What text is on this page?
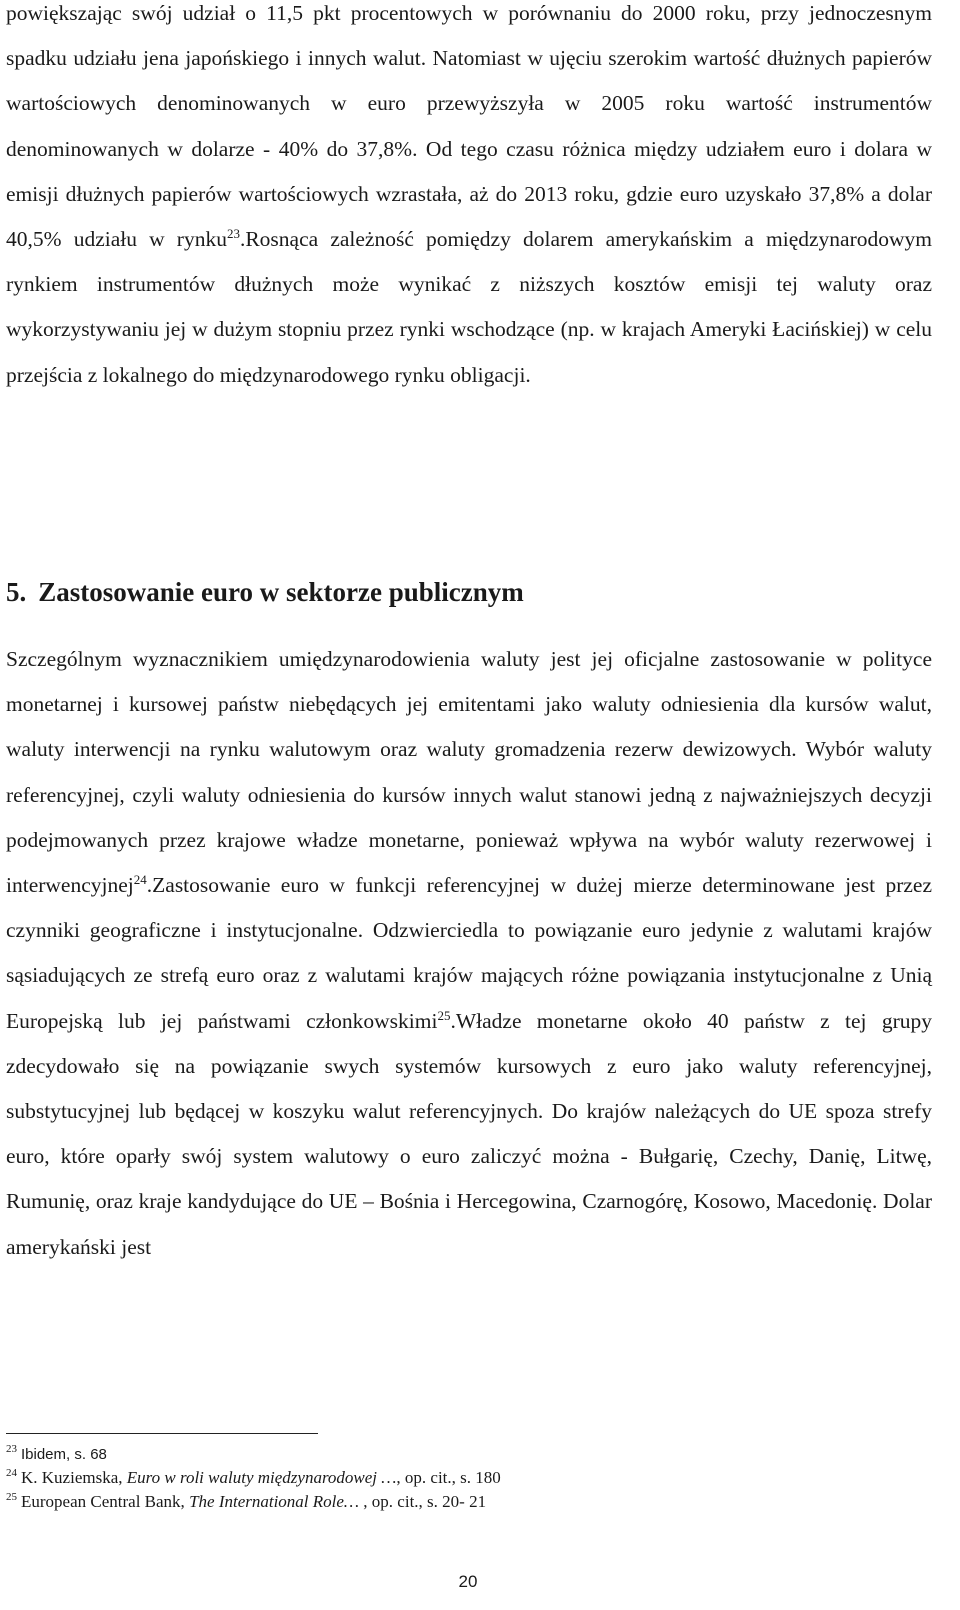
powiększając swój udział o 11,5 pkt procentowych w porównaniu do 2000 roku, przy jednoczesnym spadku udziału jena japońskiego i innych walut. Natomiast w ujęciu szerokim wartość dłużnych papierów wartościowych denominowanych w euro przewyższyła w 2005 roku wartość instrumentów denominowanych w dolarze - 40% do 37,8%. Od tego czasu różnica między udziałem euro i dolara w emisji dłużnych papierów wartościowych wzrastała, aż do 2013 roku, gdzie euro uzyskało 37,8% a dolar 40,5% udziału w rynku$^{23}$.Rosnąca zależność pomiędzy dolarem amerykańskim a międzynarodowym rynkiem instrumentów dłużnych może wynikać z niższych kosztów emisji tej waluty oraz wykorzystywaniu jej w dużym stopniu przez rynki wschodzące (np. w krajach Ameryki Łacińskiej) w celu przejścia z lokalnego do międzynarodowego rynku obligacji.

5. Zastosowanie euro w sektorze publicznym

Szczególnym wyznacznikiem umiędzynarodowienia waluty jest jej oficjalne zastosowanie w polityce monetarnej i kursowej państw niebędących jej emitentami jako waluty odniesienia dla kursów walut, waluty interwencji na rynku walutowym oraz waluty gromadzenia rezerw dewizowych. Wybór waluty referencyjnej, czyli waluty odniesienia do kursów innych walut stanowi jedną z najważniejszych decyzji podejmowanych przez krajowe władze monetarne, ponieważ wpływa na wybór waluty rezerwowej i interwencyjnej$^{24}$.Zastosowanie euro w funkcji referencyjnej w dużej mierze determinowane jest przez czynniki geograficzne i instytucjonalne. Odzwierciedla to powiązanie euro jedynie z walutami krajów sąsiadujących ze strefą euro oraz z walutami krajów mających różne powiązania instytucjonalne z Unią Europejską lub jej państwami członkowskimi$^{25}$.Władze monetarne około 40 państw z tej grupy zdecydowało się na powiązanie swych systemów kursowych z euro jako waluty referencyjnej, substytucyjnej lub będącej w koszyku walut referencyjnych. Do krajów należących do UE spoza strefy euro, które oparły swój system walutowy o euro zaliczyć można - Bułgarię, Czechy, Danię, Litwę, Rumunię, oraz kraje kandydujące do UE – Bośnia i Hercegowina, Czarnogórę, Kosowo, Macedonię. Dolar amerykański jest

$^{23}$ Ibidem, s. 68
$^{24}$ K. Kuziemska, Euro w roli waluty międzynarodowej …, op. cit., s. 180
$^{25}$ European Central Bank, The International Role… , op. cit., s. 20- 21
20
